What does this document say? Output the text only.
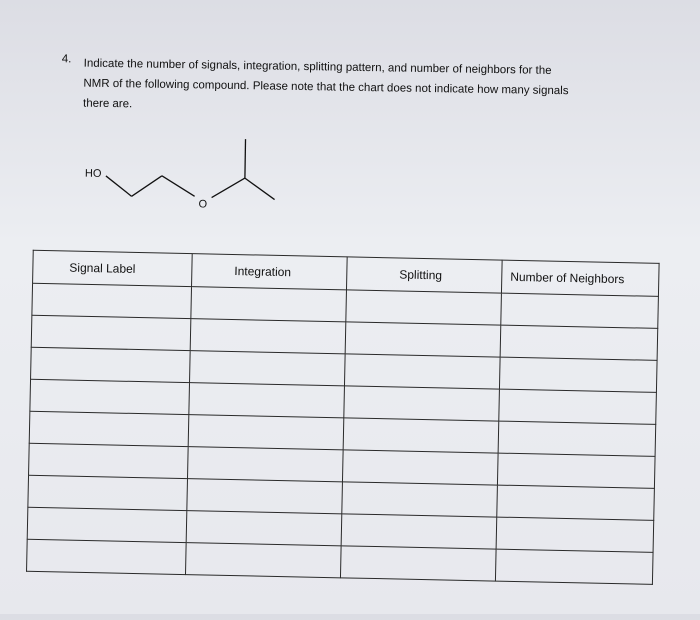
4. Indicate the number of signals, integration, splitting pattern, and number of neighbors for the
NMR of the following compound. Please note that the chart does not indicate how many signals
there are.
HO
O
Signal Label	Integration	Splitting	Number of Neighbors
